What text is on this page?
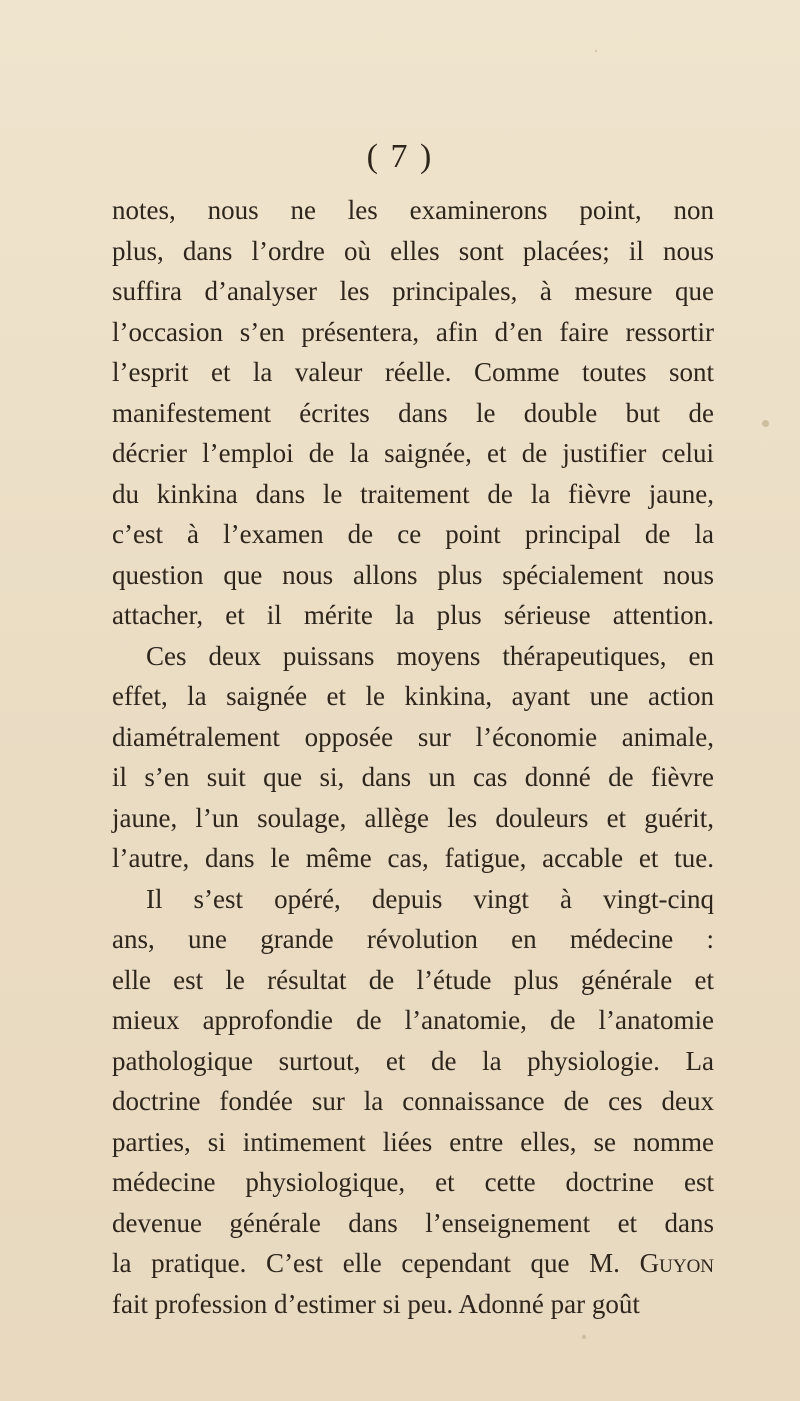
( 7 )
notes, nous ne les examinerons point, non
plus, dans l’ordre où elles sont placées; il nous
suffira d’analyser les principales, à mesure que
l’occasion s’en présentera, afin d’en faire ressortir
l’esprit et la valeur réelle. Comme toutes sont
manifestement écrites dans le double but de
décrier l’emploi de la saignée, et de justifier celui
du kinkina dans le traitement de la fièvre jaune,
c’est à l’examen de ce point principal de la
question que nous allons plus spécialement nous
attacher, et il mérite la plus sérieuse attention.
Ces deux puissans moyens thérapeutiques, en
effet, la saignée et le kinkina, ayant une action
diamétralement opposée sur l’économie animale,
il s’en suit que si, dans un cas donné de fièvre
jaune, l’un soulage, allège les douleurs et guérit,
l’autre, dans le même cas, fatigue, accable et tue.
Il s’est opéré, depuis vingt à vingt-cinq
ans, une grande révolution en médecine :
elle est le résultat de l’étude plus générale et
mieux approfondie de l’anatomie, de l’anatomie
pathologique surtout, et de la physiologie. La
doctrine fondée sur la connaissance de ces deux
parties, si intimement liées entre elles, se nomme
médecine physiologique, et cette doctrine est
devenue générale dans l’enseignement et dans
la pratique. C’est elle cependant que M. Guyon
fait profession d’estimer si peu. Adonné par goût
